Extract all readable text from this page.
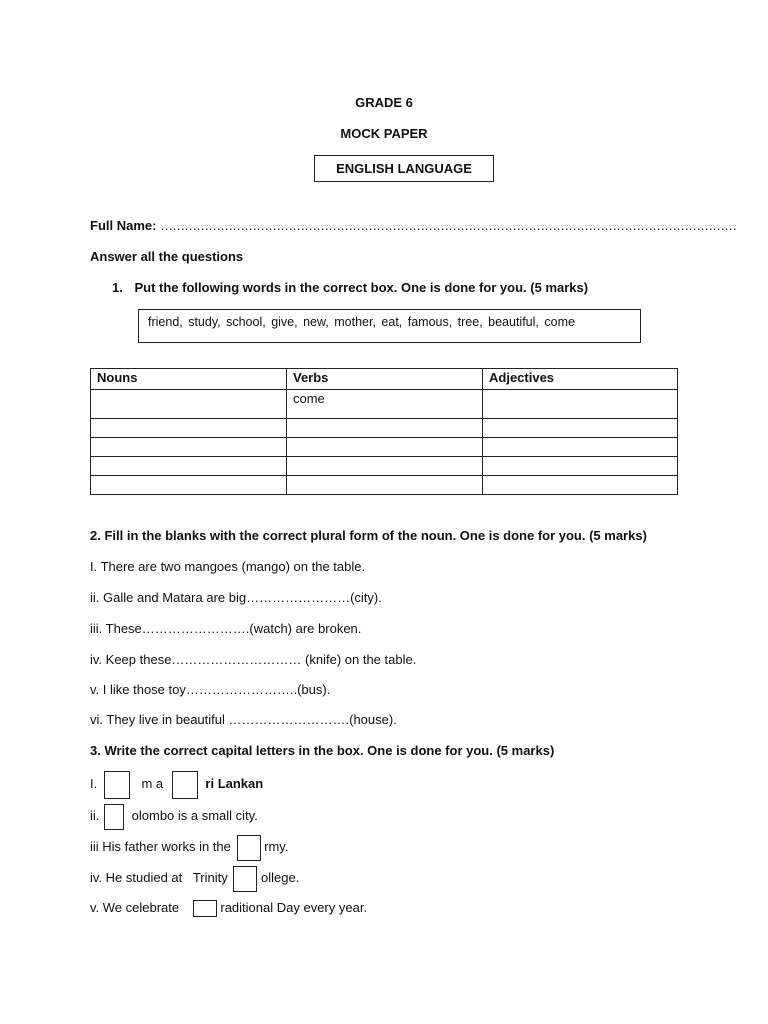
GRADE 6
MOCK PAPER
ENGLISH LANGUAGE
Full Name: ………………………………………………………………………………………………………………………………
Answer all the questions
1. Put the following words in the correct box. One is done for you. (5 marks)
friend, study, school, give, new, mother, eat, famous, tree, beautiful, come
Nouns	Verbs	Adjectives
	come	

2. Fill in the blanks with the correct plural form of the noun. One is done for you. (5 marks)
I. There are two mangoes (mango) on the table.
ii. Galle and Matara are big……………………(city).
iii. These…………………….(watch) are broken.
iv. Keep these………………………… (knife) on the table.
v. I like those toy……………………..(bus).
vi. They live in beautiful ……………………….(house).
3. Write the correct capital letters in the box. One is done for you. (5 marks)
I.	m a	ri Lankan
ii. olombo is a small city.
iii His father works in the	rmy.
iv. He studied at   Trinity	ollege.
v. We celebrate	raditional Day every year.
